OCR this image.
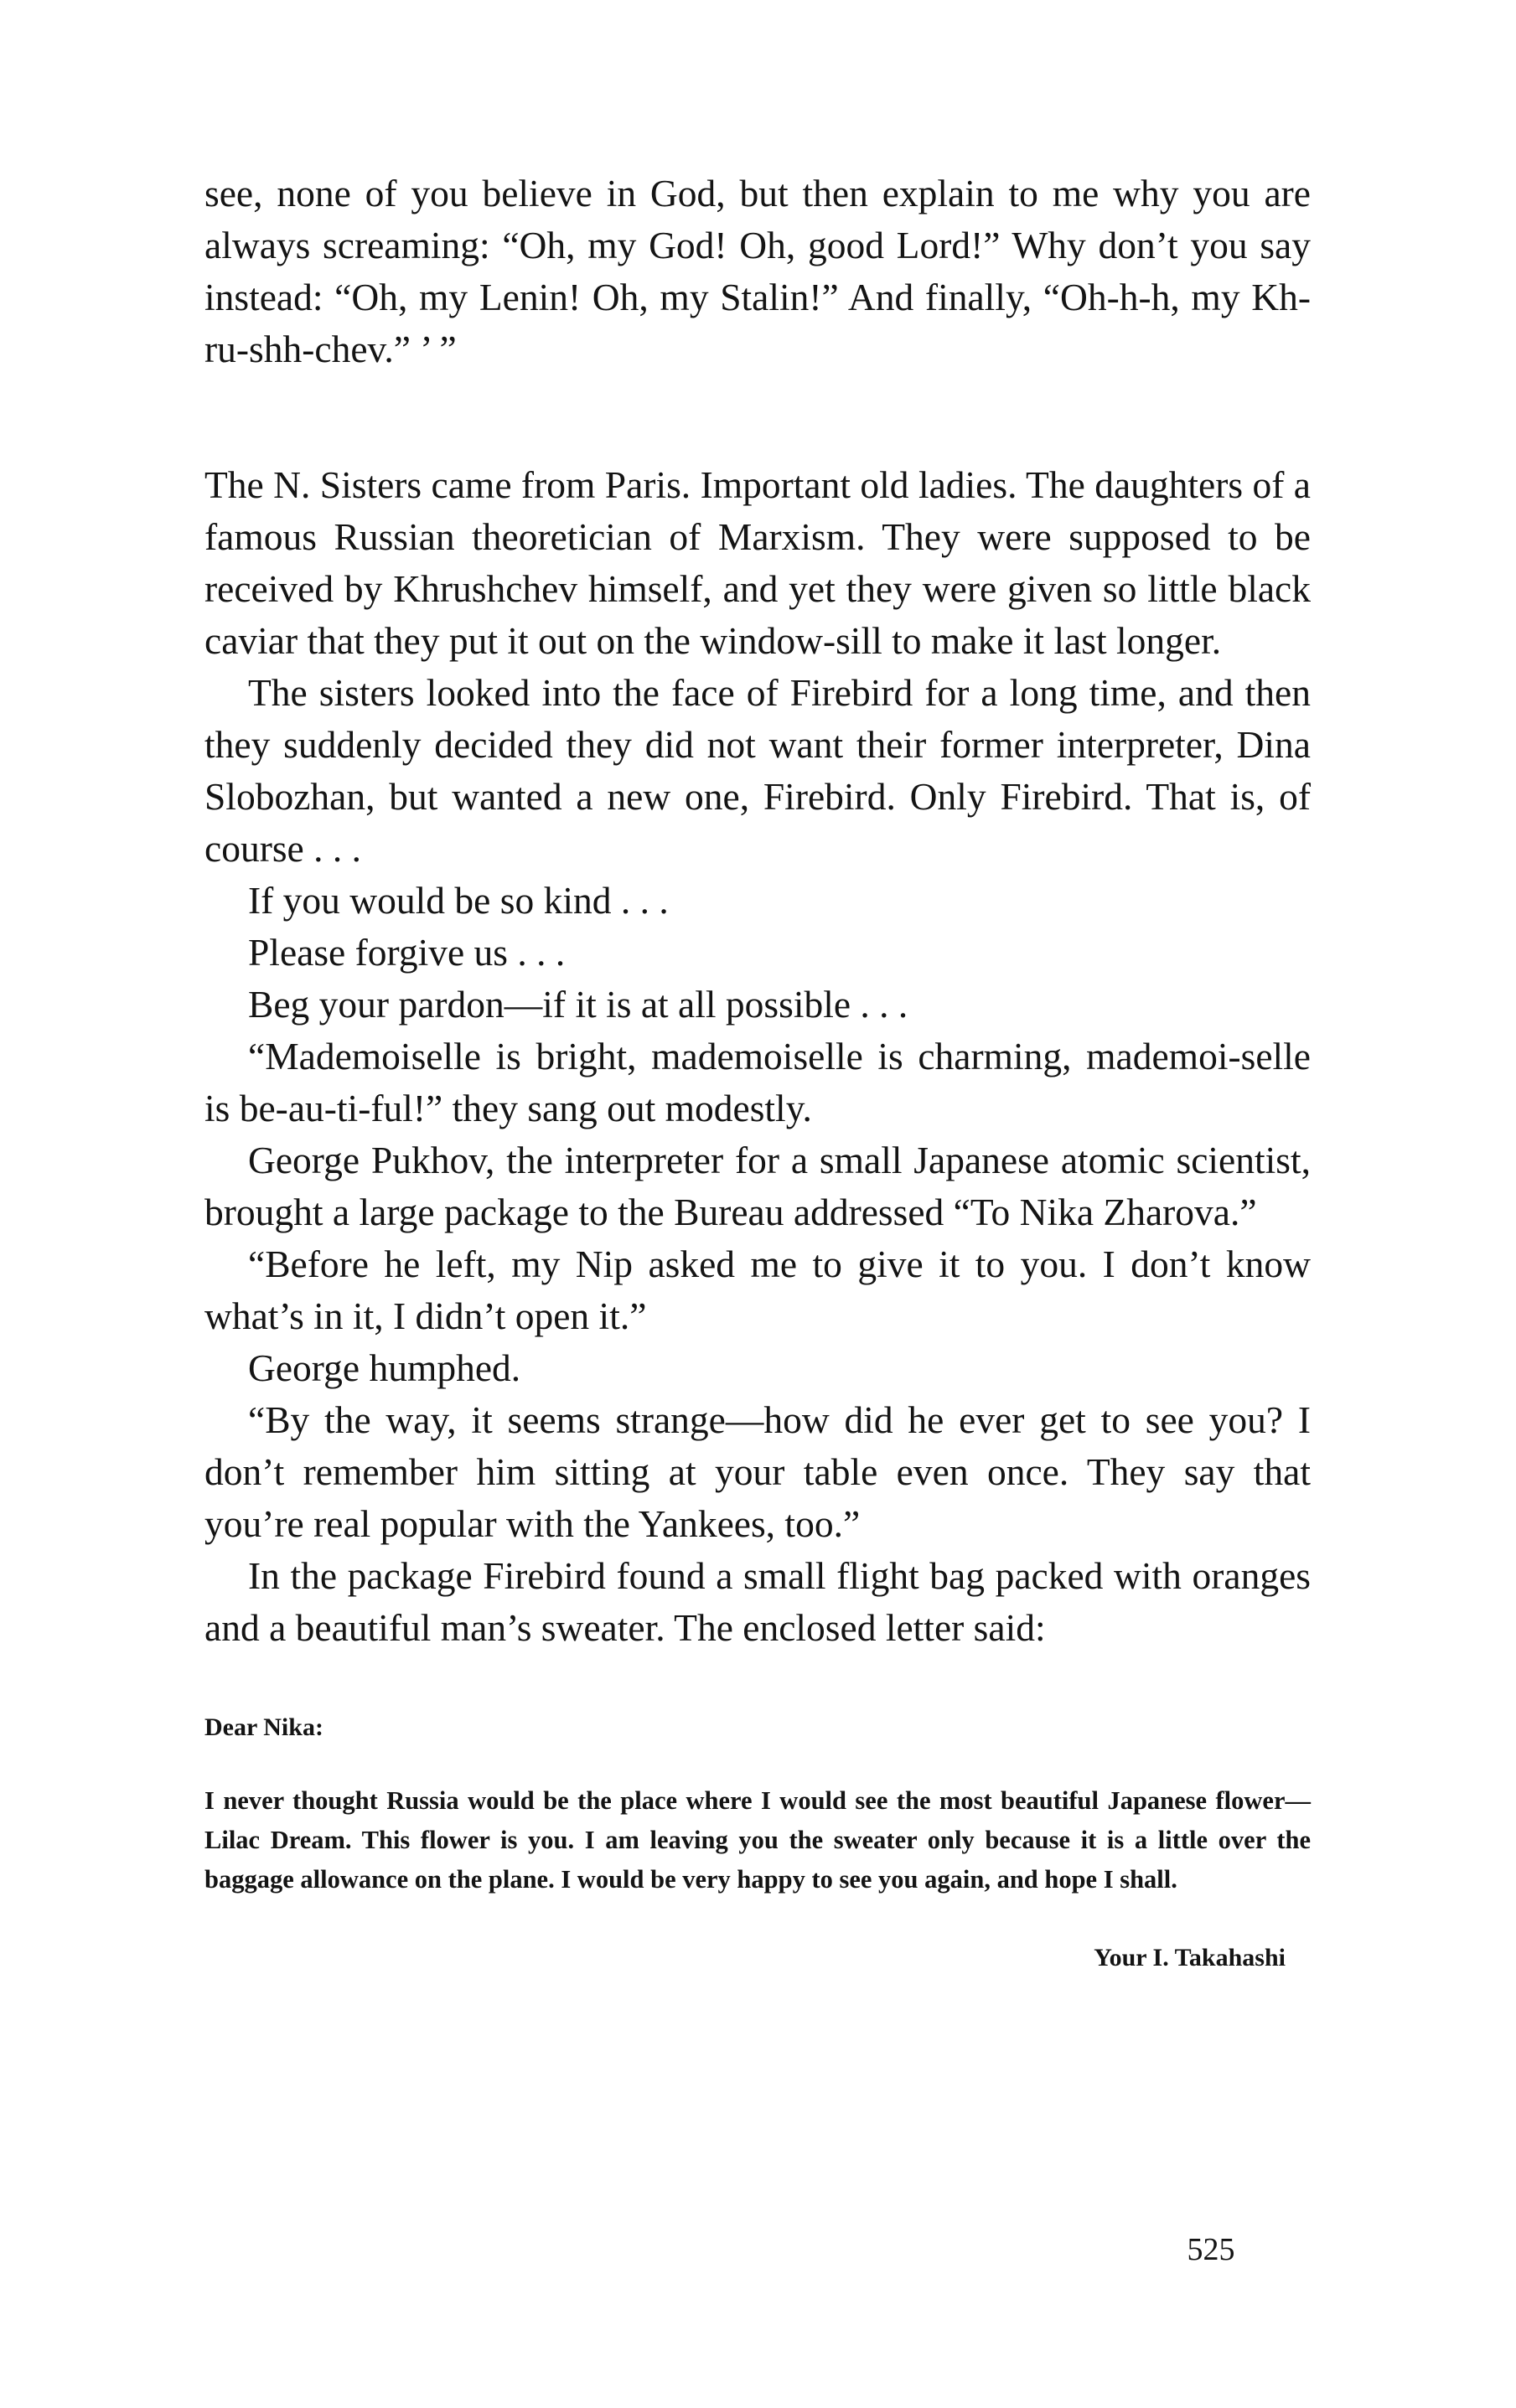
see, none of you believe in God, but then explain to me why you are always screaming: “Oh, my God! Oh, good Lord!” Why don’t you say instead: “Oh, my Lenin! Oh, my Stalin!” And finally, “Oh-h-h, my Kh-ru-shh-chev.” ’ ”

The N. Sisters came from Paris. Important old ladies. The daughters of a famous Russian theoretician of Marxism. They were supposed to be received by Khrushchev himself, and yet they were given so little black caviar that they put it out on the window-sill to make it last longer.

The sisters looked into the face of Firebird for a long time, and then they suddenly decided they did not want their former interpreter, Dina Slobozhan, but wanted a new one, Firebird. Only Firebird. That is, of course . . .

If you would be so kind . . .

Please forgive us . . .

Beg your pardon—if it is at all possible . . .

“Mademoiselle is bright, mademoiselle is charming, mademoi-selle is be-au-ti-ful!” they sang out modestly.

George Pukhov, the interpreter for a small Japanese atomic scientist, brought a large package to the Bureau addressed “To Nika Zharova.”

“Before he left, my Nip asked me to give it to you. I don’t know what’s in it, I didn’t open it.”

George humphed.

“By the way, it seems strange—how did he ever get to see you? I don’t remember him sitting at your table even once. They say that you’re real popular with the Yankees, too.”

In the package Firebird found a small flight bag packed with oranges and a beautiful man’s sweater. The enclosed letter said:

Dear Nika:

I never thought Russia would be the place where I would see the most beautiful Japanese flower—Lilac Dream. This flower is you. I am leaving you the sweater only because it is a little over the baggage allowance on the plane. I would be very happy to see you again, and hope I shall.

Your I. Takahashi

525
